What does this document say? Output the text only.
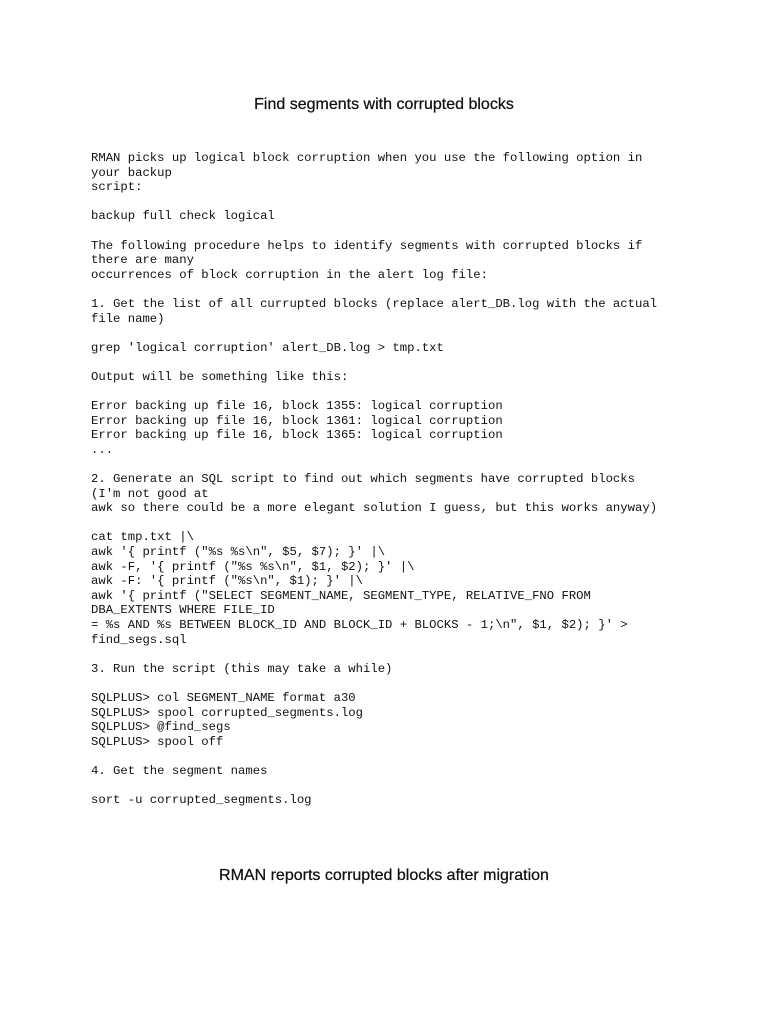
Find segments with corrupted blocks
RMAN picks up logical block corruption when you use the following option in
your backup
script:
backup full check logical
The following procedure helps to identify segments with corrupted blocks if
there are many
occurrences of block corruption in the alert log file:
1. Get the list of all currupted blocks (replace alert_DB.log with the actual
file name)
grep 'logical corruption' alert_DB.log > tmp.txt
Output will be something like this:
Error backing up file 16, block 1355: logical corruption
Error backing up file 16, block 1361: logical corruption
Error backing up file 16, block 1365: logical corruption
...
2. Generate an SQL script to find out which segments have corrupted blocks
(I'm not good at
awk so there could be a more elegant solution I guess, but this works anyway)
cat tmp.txt |\
awk '{ printf ("%s %s\n", $5, $7); }' |\
awk -F, '{ printf ("%s %s\n", $1, $2); }' |\
awk -F: '{ printf ("%s\n", $1); }' |\
awk '{ printf ("SELECT SEGMENT_NAME, SEGMENT_TYPE, RELATIVE_FNO FROM
DBA_EXTENTS WHERE FILE_ID
= %s AND %s BETWEEN BLOCK_ID AND BLOCK_ID + BLOCKS - 1;\n", $1, $2); }' >
find_segs.sql
3. Run the script (this may take a while)
SQLPLUS> col SEGMENT_NAME format a30
SQLPLUS> spool corrupted_segments.log
SQLPLUS> @find_segs
SQLPLUS> spool off
4. Get the segment names
sort -u corrupted_segments.log
RMAN reports corrupted blocks after migration
